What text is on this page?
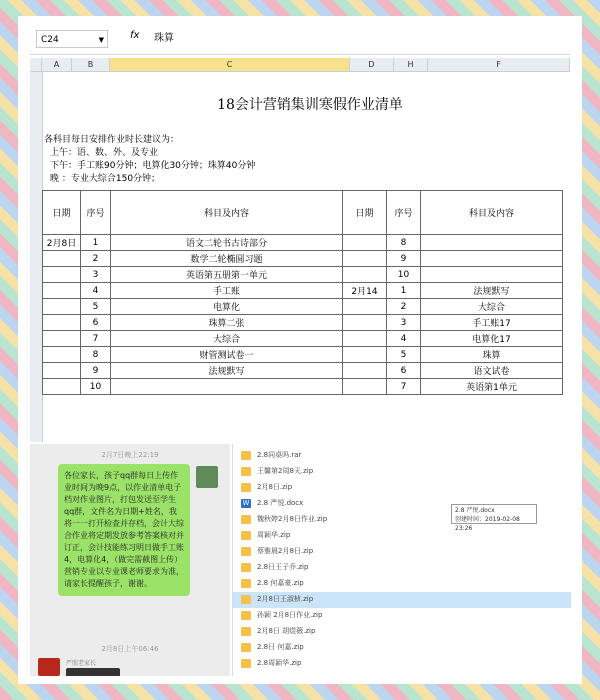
C24	▼	fx 珠算
A	B	C	D	H	F
18会计营销集训寒假作业清单
各科目每日安排作业时长建议为：
上午：语、数、外、及专业
下午：手工账90分钟；电算化30分钟；珠算40分钟
晚 ：专业大综合150分钟；
日期	序号	科目及内容	日期	序号	科目及内容
2月8日	1	语文二轮书古诗部分		8	
	2	数学二轮椭圆习题		9	
	3	英语第五册第一单元		10	
	4	手工账	2月14	1	法规默写
	5	电算化		2	大综合
	6	珠算二张		3	手工账17
	7	大综合		4	电算化17
	8	财管测试卷一		5	珠算
	9	法规默写		6	语文试卷
	10			7	英语第1单元
2月7日晚上22:19
各位家长，孩子qq群每日上传作业时间为晚9点，以作业清单电子档对作业图片，打包发送至学生qq群，文件名为日期+姓名，我将一一打开检查并存档，会计大综合作业将定期发放参考答案核对并订正，会计技能练习明日做手工账4，电算化4，（做完需截图上传）营销专业以专业课老师要求为准，请家长提醒孩子，谢谢。
2月8日上午06:46
严照老家长
2.8同桌吗.rar
王馨第2周8天.zip
2月8日.zip
W 2.8 严悦.docx
魏秋婷2月8日作业.zip
周颖华.zip
蔡雅晨2月8日.zip
2.8日王子乔.zip
2.8 何嘉豪.zip
2月8日王淑桢.zip
孙颖 2月8日作业.zip
2月8日 胡煜薇.zip
2.8日 何嘉.zip
2.8周颖华.zip
2.8 严悦.docx
创建时间：2019-02-08 23:26
